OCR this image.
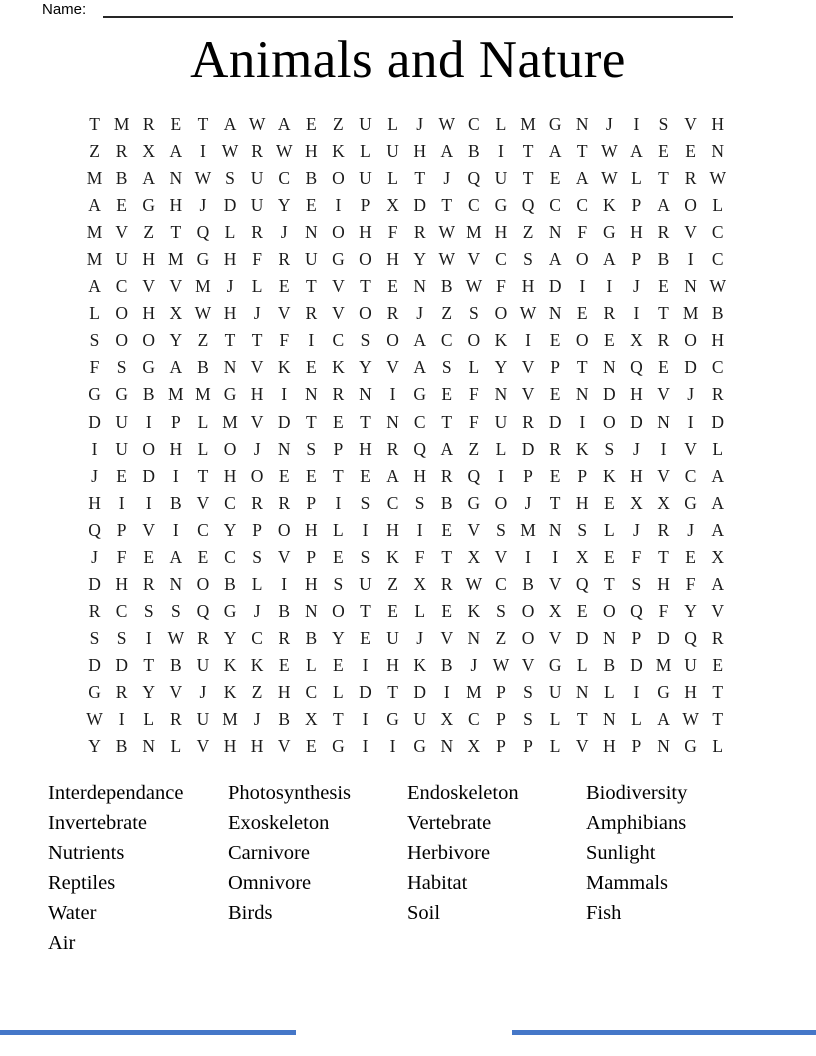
Name:
Animals and Nature
T M R E T A W A E Z U L	J W C L M G N J	I	S V H
Z R X A	I W R W H K L U H A B	I	T A T W A E E N
M B A N W S U C B O U L T	J Q U T E A W L T R W
A E G H J D U Y E	I	P X D T C G Q C C K P A O L
M V Z T Q L R	J N O H F R W M H Z N F G H R V C
M U H M G H F R U G O H Y W V C S A O A P B	I	C
A C V V M J	L E T V T E N B W F H D	I	I	J	E N W
L O H X W H J V R V O R	J	Z S O W N E R	I	T M B
S O O Y Z T T F	I	C S O A C O K	I	E O E X R O H
F S G A B N V K E K Y V A S L Y V P T N Q E D C
G G B M M G H	I	N R N	I	G E F N V E N D H V J	R
D U	I	P L M V D T E T N C T F U R D	I	O D N	I	D
I	U O H L O J N S P H R Q A Z L D R K S	J	I	V L
J	E D	I	T H O E E T E A H R Q	I	P E P K H V C A
H	I	I	B V C R R P	I	S C S B G O J	T H E X X G A
Q P V	I	C Y P O H L	I	H	I	E V S M N S L	J	R	J A
J	F E A E C S V P E S K F T X V	I	I	X E F T E X
D H R N O B L	I	H S U Z X R W C B V Q T S H F A
R C S S Q G J	B N O T E L E K S O X E O Q F Y V
S S	I W R Y C R B Y E U J V N Z O V D N P D Q R
D D T B U K K E L E	I	H K B	J W V G L B D M U E
G R Y V J K Z H C L D T D	I M P S U N L	I	G H T
W I	L R U M J	B X T	I	G U X C P S L T N L A W T
Y B N L V H H V E G	I	I	G N X P P L V H P N G L
Interdependance
Invertebrate
Nutrients
Reptiles
Water
Air
Photosynthesis
Exoskeleton
Carnivore
Omnivore
Birds
Endoskeleton
Vertebrate
Herbivore
Habitat
Soil
Biodiversity
Amphibians
Sunlight
Mammals
Fish
